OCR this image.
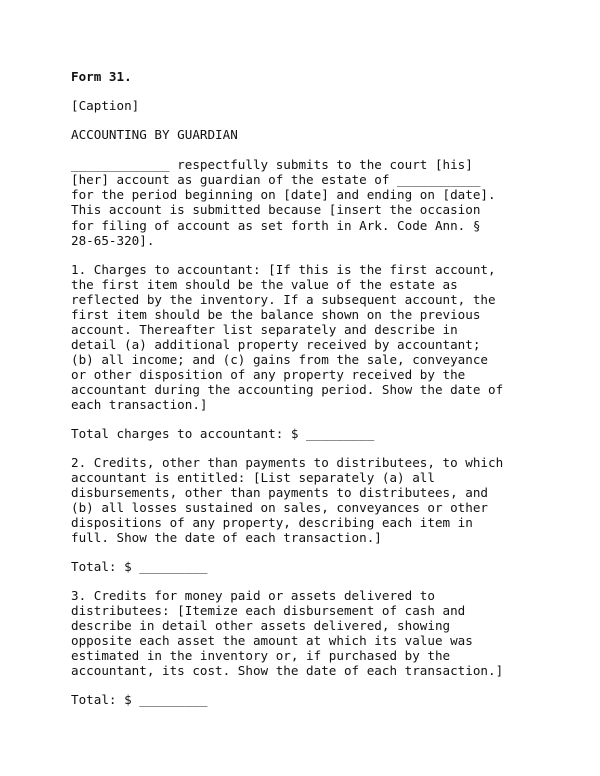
Form 31.
[Caption]
ACCOUNTING BY GUARDIAN
_____________ respectfully submits to the court [his]
[her] account as guardian of the estate of ___________
for the period beginning on [date] and ending on [date].
This account is submitted because [insert the occasion
for filing of account as set forth in Ark. Code Ann. §
28-65-320].
1. Charges to accountant: [If this is the first account,
the first item should be the value of the estate as
reflected by the inventory. If a subsequent account, the
first item should be the balance shown on the previous
account. Thereafter list separately and describe in
detail (a) additional property received by accountant;
(b) all income; and (c) gains from the sale, conveyance
or other disposition of any property received by the
accountant during the accounting period. Show the date of
each transaction.]
Total charges to accountant: $ _________
2. Credits, other than payments to distributees, to which
accountant is entitled: [List separately (a) all
disbursements, other than payments to distributees, and
(b) all losses sustained on sales, conveyances or other
dispositions of any property, describing each item in
full. Show the date of each transaction.]
Total: $ _________
3. Credits for money paid or assets delivered to
distributees: [Itemize each disbursement of cash and
describe in detail other assets delivered, showing
opposite each asset the amount at which its value was
estimated in the inventory or, if purchased by the
accountant, its cost. Show the date of each transaction.]
Total: $ _________
